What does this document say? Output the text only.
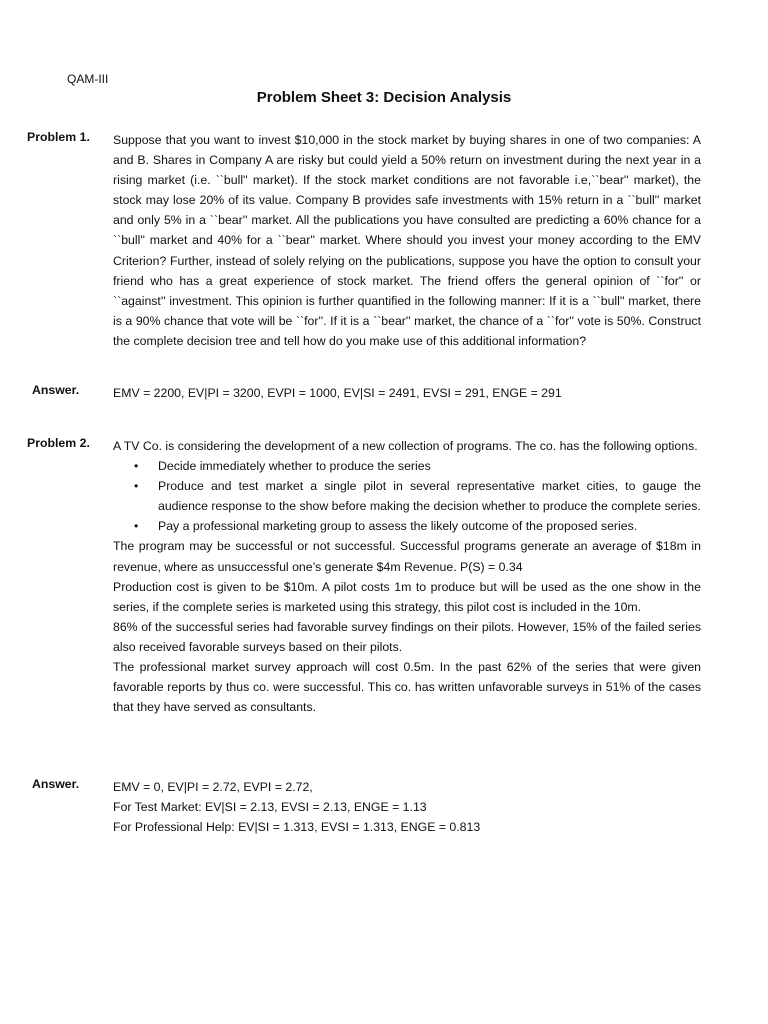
QAM-III
Problem Sheet 3: Decision Analysis
Problem 1. Suppose that you want to invest $10,000 in the stock market by buying shares in one of two companies: A and B. Shares in Company A are risky but could yield a 50% return on investment during the next year in a rising market (i.e. ``bull'' market). If the stock market conditions are not favorable i.e,``bear'' market), the stock may lose 20% of its value. Company B provides safe investments with 15% return in a ``bull'' market and only 5% in a ``bear'' market. All the publications you have consulted are predicting a 60% chance for a ``bull'' market and 40% for a ``bear'' market. Where should you invest your money according to the EMV Criterion? Further, instead of solely relying on the publications, suppose you have the option to consult your friend who has a great experience of stock market. The friend offers the general opinion of ``for'' or ``against'' investment. This opinion is further quantified in the following manner: If it is a ``bull'' market, there is a 90% chance that vote will be ``for''. If it is a ``bear'' market, the chance of a ``for'' vote is 50%. Construct the complete decision tree and tell how do you make use of this additional information?

Answer.	EMV = 2200, EV|PI = 3200, EVPI = 1000, EV|SI = 2491, EVSI = 291, ENGE = 291
Problem 2. A TV Co. is considering the development of a new collection of programs. The co. has the following options.

• Decide immediately whether to produce the series
• Produce and test market a single pilot in several representative market cities, to gauge the audience response to the show before making the decision whether to produce the complete series.
• Pay a professional marketing group to assess the likely outcome of the proposed series.

The program may be successful or not successful. Successful programs generate an average of $18m in revenue, where as unsuccessful one’s generate $4m Revenue. P(S) = 0.34

Production cost is given to be $10m. A pilot costs 1m to produce but will be used as the one show in the series, if the complete series is marketed using this strategy, this pilot cost is included in the 10m.

86% of the successful series had favorable survey findings on their pilots. However, 15% of the failed series also received favorable surveys based on their pilots.

The professional market survey approach will cost 0.5m. In the past 62% of the series that were given favorable reports by thus co. were successful. This co. has written unfavorable surveys in 51% of the cases that they have served as consultants.

Answer.	EMV = 0, EV|PI = 2.72, EVPI = 2.72,
For Test Market: EV|SI = 2.13, EVSI = 2.13, ENGE = 1.13
For Professional Help: EV|SI = 1.313, EVSI = 1.313, ENGE = 0.813
